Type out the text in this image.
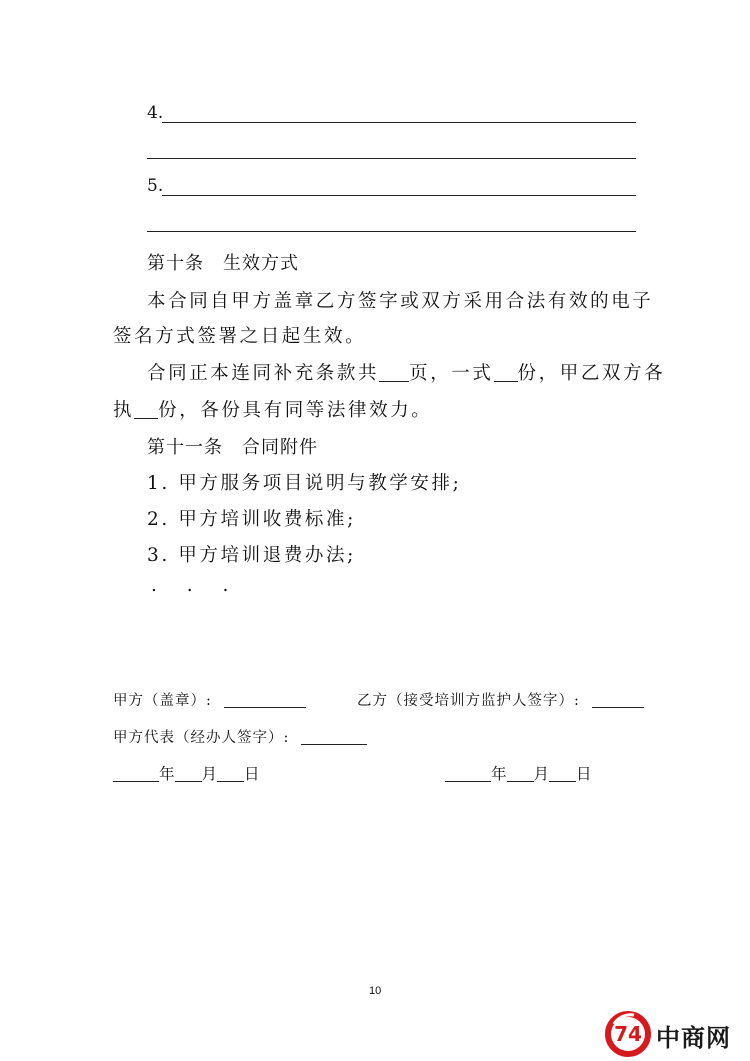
4.
5.
第十条　生效方式
本合同自甲方盖章乙方签字或双方采用合法有效的电子
签名方式签署之日起生效。
合同正本连同补充条款共 页，一式 份，甲乙双方各
执 份，各份具有同等法律效力。
第十一条　合同附件
1. 甲方服务项目说明与教学安排;
2. 甲方培训收费标准;
3. 甲方培训退费办法;
. . .
甲方（盖章）:	乙方（接受培训方监护人签字）:
甲方代表（经办人签字）:
年 月 日	年 月 日
10
74 中商网
